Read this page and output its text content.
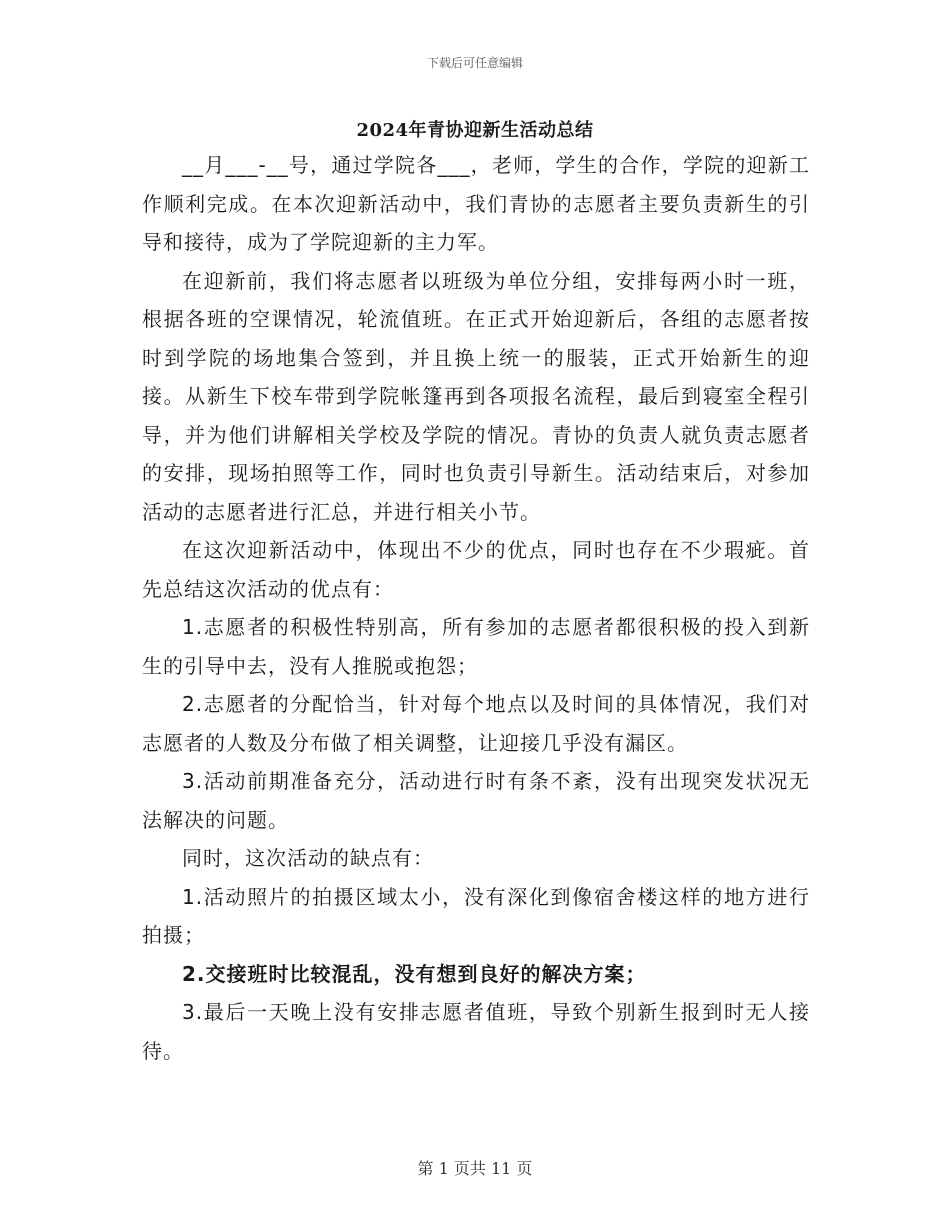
下载后可任意编辑
2024年青协迎新生活动总结

__月___-__号，通过学院各___，老师，学生的合作，学院的迎新工作顺利完成。在本次迎新活动中，我们青协的志愿者主要负责新生的引导和接待，成为了学院迎新的主力军。

在迎新前，我们将志愿者以班级为单位分组，安排每两小时一班，根据各班的空课情况，轮流值班。在正式开始迎新后，各组的志愿者按时到学院的场地集合签到，并且换上统一的服装，正式开始新生的迎接。从新生下校车带到学院帐篷再到各项报名流程，最后到寝室全程引导，并为他们讲解相关学校及学院的情况。青协的负责人就负责志愿者的安排，现场拍照等工作，同时也负责引导新生。活动结束后，对参加活动的志愿者进行汇总，并进行相关小节。

在这次迎新活动中，体现出不少的优点，同时也存在不少瑕疵。首先总结这次活动的优点有：

1.志愿者的积极性特别高，所有参加的志愿者都很积极的投入到新生的引导中去，没有人推脱或抱怨；

2.志愿者的分配恰当，针对每个地点以及时间的具体情况，我们对志愿者的人数及分布做了相关调整，让迎接几乎没有漏区。

3.活动前期准备充分，活动进行时有条不紊，没有出现突发状况无法解决的问题。

同时，这次活动的缺点有：

1.活动照片的拍摄区域太小，没有深化到像宿舍楼这样的地方进行拍摄；

2.交接班时比较混乱，没有想到良好的解决方案；

3.最后一天晚上没有安排志愿者值班，导致个别新生报到时无人接待。

第 1 页共 11 页
